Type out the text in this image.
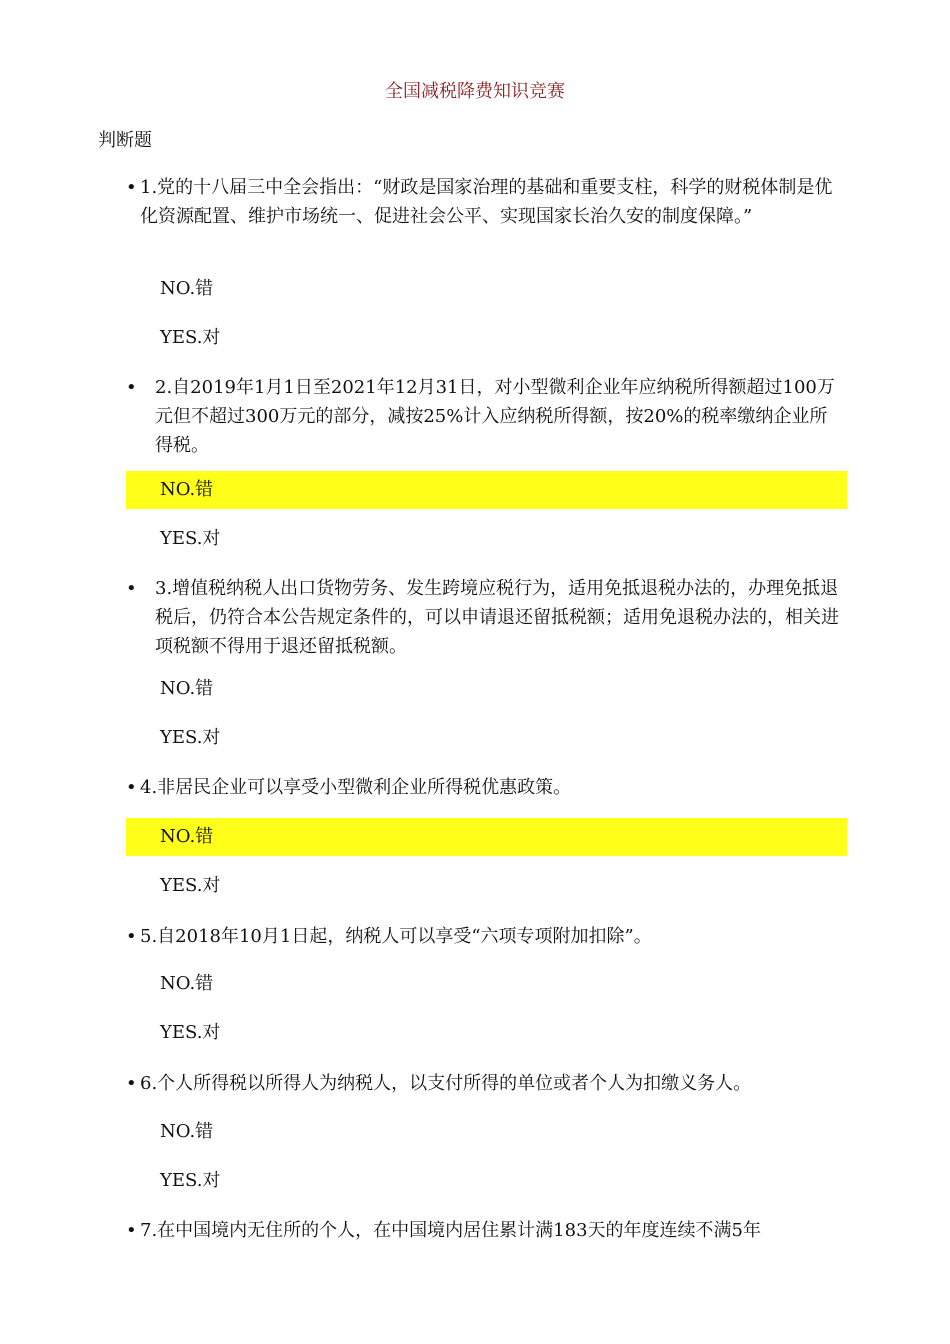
全国减税降费知识竞赛
判断题
• 1.党的十八届三中全会指出：“财政是国家治理的基础和重要支柱，科学的财税体制是优化资源配置、维护市场统一、促进社会公平、实现国家长治久安的制度保障。”
NO.错
YES.对
•	2.自2019年1月1日至2021年12月31日，对小型微利企业年应纳税所得额超过100万元但不超过300万元的部分，减按25%计入应纳税所得额，按20%的税率缴纳企业所得税。
NO.错
YES.对
•	3.增值税纳税人出口货物劳务、发生跨境应税行为，适用免抵退税办法的，办理免抵退税后，仍符合本公告规定条件的，可以申请退还留抵税额；适用免退税办法的，相关进项税额不得用于退还留抵税额。
NO.错
YES.对
• 4.非居民企业可以享受小型微利企业所得税优惠政策。
NO.错
YES.对
• 5.自2018年10月1日起，纳税人可以享受“六项专项附加扣除”。
NO.错
YES.对
• 6.个人所得税以所得人为纳税人，以支付所得的单位或者个人为扣缴义务人。
NO.错
YES.对
• 7.在中国境内无住所的个人，在中国境内居住累计满183天的年度连续不满5年
